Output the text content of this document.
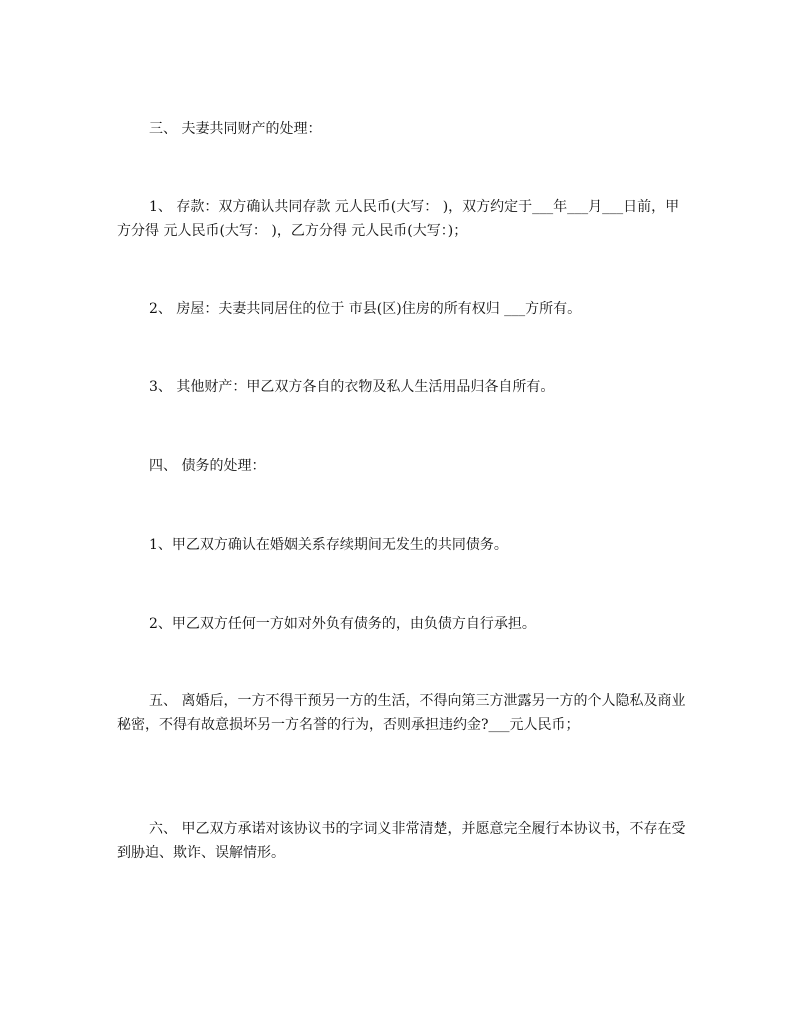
三、 夫妻共同财产的处理：
1、 存款：双方确认共同存款 元人民币(大写： )，双方约定于___年___月___日前，甲方分得 元人民币(大写： )，乙方分得 元人民币(大写：)；
2、 房屋：夫妻共同居住的位于 市县(区)住房的所有权归 ___方所有。
3、 其他财产：甲乙双方各自的衣物及私人生活用品归各自所有。
四、 债务的处理：
1、甲乙双方确认在婚姻关系存续期间无发生的共同债务。
2、甲乙双方任何一方如对外负有债务的，由负债方自行承担。
五、 离婚后，一方不得干预另一方的生活，不得向第三方泄露另一方的个人隐私及商业秘密，不得有故意损坏另一方名誉的行为，否则承担违约金?___元人民币；
六、 甲乙双方承诺对该协议书的字词义非常清楚，并愿意完全履行本协议书，不存在受到胁迫、欺诈、误解情形。
